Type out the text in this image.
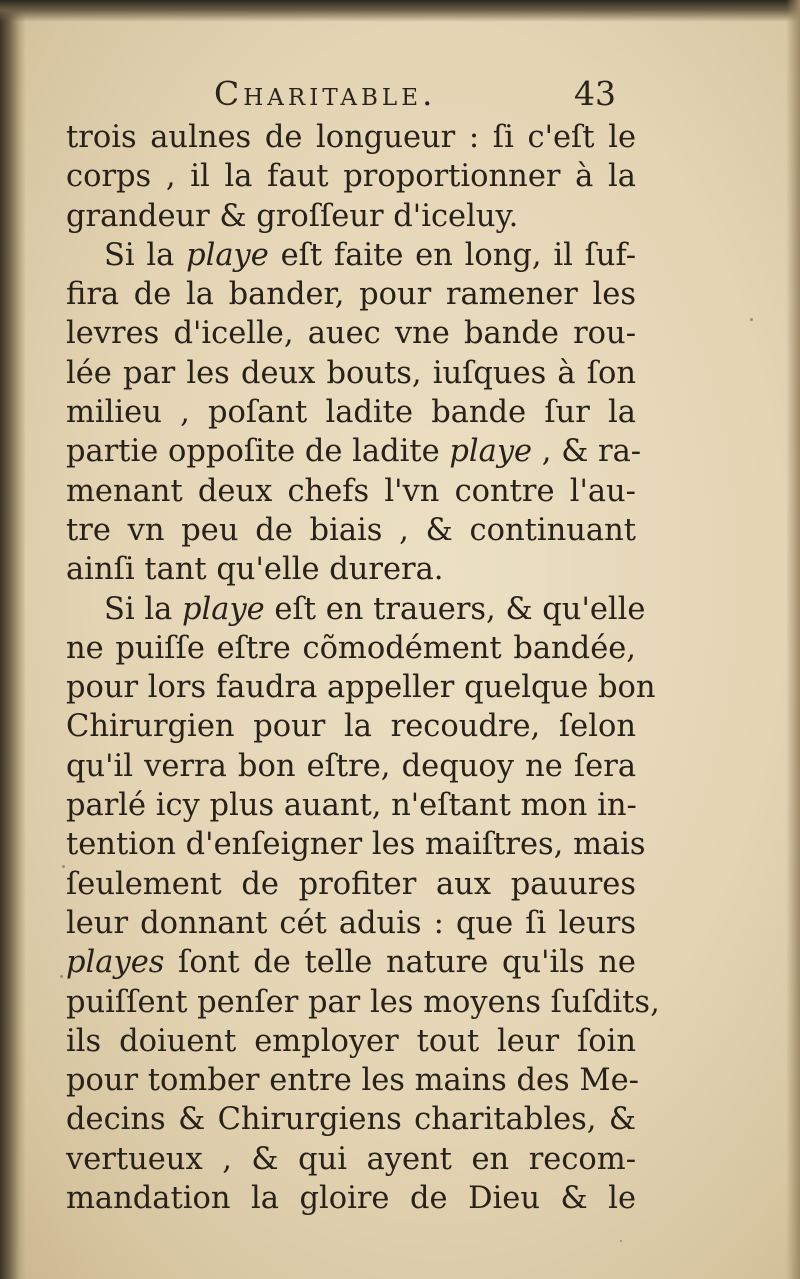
Charitable.	43
trois aulnes de longueur : ſi c'eſt le
corps , il la faut proportionner à la
grandeur & groſſeur d'iceluy.
Si la playe eſt faite en long, il ſuf-
fira de la bander, pour ramener les
levres d'icelle, auec vne bande rou-
lée par les deux bouts, iuſques à ſon
milieu , poſant ladite bande ſur la
partie oppoſite de ladite playe , & ra-
menant deux chefs l'vn contre l'au-
tre vn peu de biais , & continuant
ainſi tant qu'elle durera.
Si la playe eſt en trauers, & qu'elle
ne puiſſe eſtre cõmodément bandée,
pour lors faudra appeller quelque bon
Chirurgien pour la recoudre, ſelon
qu'il verra bon eſtre, dequoy ne ſera
parlé icy plus auant, n'eſtant mon in-
tention d'enſeigner les maiſtres, mais
ſeulement de profiter aux pauures
leur donnant cét aduis : que ſi leurs
playes ſont de telle nature qu'ils ne
puiſſent penſer par les moyens ſuſdits,
ils doiuent employer tout leur ſoin
pour tomber entre les mains des Me-
decins & Chirurgiens charitables, &
vertueux , & qui ayent en recom-
mandation la gloire de Dieu & le
